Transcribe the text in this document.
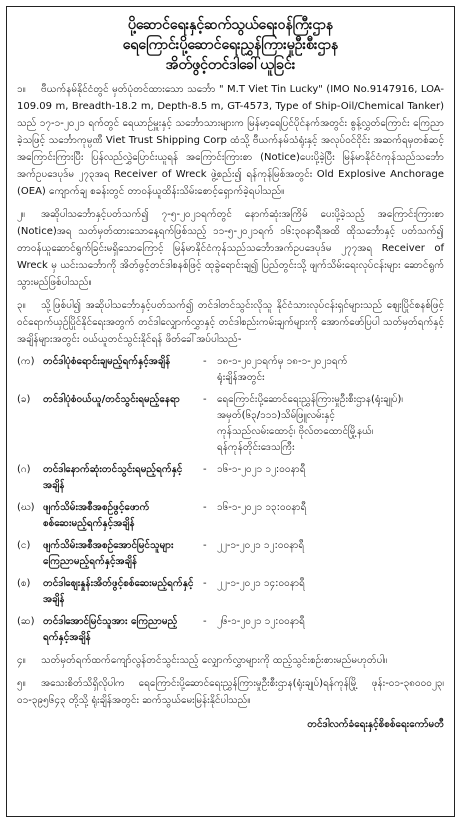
ပို့ဆောင်ရေးနှင့်ဆက်သွယ်ရေးဝန်ကြီးဌာန

ရေကြောင်းပို့ဆောင်ရေးညွှန်ကြားမှုဦးစီးဌာန

အိတ်ဖွင့်တင်ဒါခေါ်ယူခြင်း

၁။ ဗီယက်နမ်နိုင်ငံတွင် မှတ်ပုံတင်ထားသော သင်္ဘော " M.T Viet Tin Lucky" (IMO No.9147916, LOA-109.09 m, Breadth-18.2 m, Depth-8.5 m, GT-4573, Type of Ship-Oil/Chemical Tanker) သည် ၁၇-၁-၂၀၂၁ ရက်တွင် ရေယာဉ်မှူးနှင့် သင်္ဘောသားများက မြန်မာ့ရေပြင်ပိုင်နက်အတွင်း စွန့်လွှတ်ကြောင်း ကြေညာခဲ့သဖြင့် သင်္ဘောကုမ္ပဏီ Viet Trust Shipping Corp ထံသို့ ဗီယက်နမ်သံရုံးနှင့် အလုပ်ဝင်ငိုင်း အဆက်ရမှတစ်ဆင့် အကြောင်းကြားပြီး ပြန်လည်လွှဲပြောင်းယူရန် အကြောင်းကြားစာ (Notice)ပေးပို့ခဲ့ပြီး မြန်မာနိုင်ငံကုန်သည်သင်္ဘောအက်ဥပဒေပုဒ်မ ၂၇၃အရ Receiver of Wreck ဖွဲ့စည်း၍ ရန်ကုန်မြစ်အတွင်း Old Explosive Anchorage (OEA) ကျောက်ချ စခန်းတွင် တာဝန်ယူထိန်းသိမ်းစောင့်ရှောက်ခဲ့ရပါသည်။

၂။ အဆိုပါသင်္ဘောနှင့်ပတ်သက်၍ ၇-၅-၂၀၂၁ရက်တွင် နောက်ဆုံးအကြိမ် ပေးပို့ခဲ့သည့် အကြောင်းကြားစာ (Notice)အရ သတ်မှတ်ထားသောနေ့ရက်ဖြစ်သည့် ၁၁-၅-၂၀၂၁ရက် ၁၆:၃၀နာရီအထိ ထိုသင်္ဘောနှင့် ပတ်သက်၍ တာဝန်ယူဆောင်ရွက်ခြင်းမရှိသောကြောင့် မြန်မာနိုင်ငံကုန်သည်သင်္ဘောအက်ဥပဒေပုဒ်မ ၂၇၇အရ Receiver of Wreck မှ ယင်းသင်္ဘောကို အိတ်ဖွင့်တင်ဒါစနစ်ဖြင့် ထုခွဲရောင်းချ၍ ပြည်တွင်းသို့ ဖျက်သိမ်းရေးလုပ်ငန်းများ ဆောင်ရွက်သွားမည်ဖြစ်ပါသည်။

၃။ သို့ဖြစ်ပါ၍ အဆိုပါသင်္ဘောနှင့်ပတ်သက်၍ တင်ဒါတင်သွင်းလိုသူ နိုင်ငံသားလုပ်ငန်းရှင်များသည် ဈေးပြိုင်စနစ်ဖြင့် ဝင်ရောက်ယှဉ်ပြိုင်နိုင်ရေးအတွက် တင်ဒါလျှောက်လွှာနှင့် တင်ဒါစည်းကမ်းချက်များကို အောက်ဖော်ပြပါ သတ်မှတ်ရက်နှင့် အချိန်များအတွင်း ဝယ်ယူတင်သွင်းနိုင်ရန် ဖိတ်ခေါ်အပ်ပါသည်-

(က) တင်ဒါပုံစံရောင်းချမည့်ရက်နှင့်အချိန်	-	၁၈-၁-၂၀၂၁ရက်မှ ၁၈-၁-၂၀၂၁ရက်
ရုံးချိန်အတွင်း
(ခ)	တင်ဒါပုံစံဝယ်ယူ/တင်သွင်းရမည့်နေရာ	-	ရေကြောင်းပို့ဆောင်ရေးညွှန်ကြားမှုဦးစီးဌာန(ရုံးချုပ်)၊
အမှတ်(၆၃/၁၁၁)သိမ်ဖြူလမ်းနှင့်
ကုန်သည်လမ်းထောင့်၊ ဗိုလ်တထောင်မြို့နယ်၊
ရန်ကုန်တိုင်းဒေသကြီး
(ဂ)	တင်ဒါနောက်ဆုံးတင်သွင်းရမည့်ရက်နှင့်အချိန်
-	၁၆-၁-၂၀၂၁ ၁၂:၀၀နာရီ
(ဃ) ဖျက်သိမ်းအစီအစဉ်ဖွင့်ဖောက်
စစ်ဆေးမည့်ရက်နှင့်အချိန်
-	၁၆-၁-၂၀၂၁ ၁၃:၀၀နာရီ
(င)	ဖျက်သိမ်းအစီအစဉ်အောင်မြင်သူများ
ကြေညာမည့်ရက်နှင့်အချိန်
-	၂၂-၁-၂၀၂၁ ၁၂:၀၀နာရီ
(စ)	တင်ဒါဈေးနှုန်းအိတ်ဖွင့်စစ်ဆေးမည့်ရက်နှင့်အချိန်
-	၂၂-၁-၂၀၂၁ ၁၄:၀၀နာရီ
(ဆ) တင်ဒါအောင်မြင်သူအား ကြေညာမည့်
ရက်နှင့်အချိန်
-	၂၆-၁-၂၀၂၁ ၁၂:၀၀နာရီ

၄။ သတ်မှတ်ရက်ထက်ကျော်လွန်တင်သွင်းသည့် လျှောက်လွှာများကို ထည့်သွင်းစဉ်းစားမည်မဟုတ်ပါ။

၅။ အသေးစိတ်သိရှိလိုပါက ရေကြောင်းပို့ဆောင်ရေးညွှန်ကြားမှုဦးစီးဌာန(ရုံးချုပ်)ရန်ကုန်မြို့ ဖုန်း-၀၁-၃၈၀၀၀၂၃၊ ၀၁-၃၉၅၆၄၃ တို့သို့ ရုံးချိန်အတွင်း ဆက်သွယ်မေးမြန်းနိုင်ပါသည်။

တင်ဒါလက်ခံရေးနှင့်စိစစ်ရေးကော်မတီ
